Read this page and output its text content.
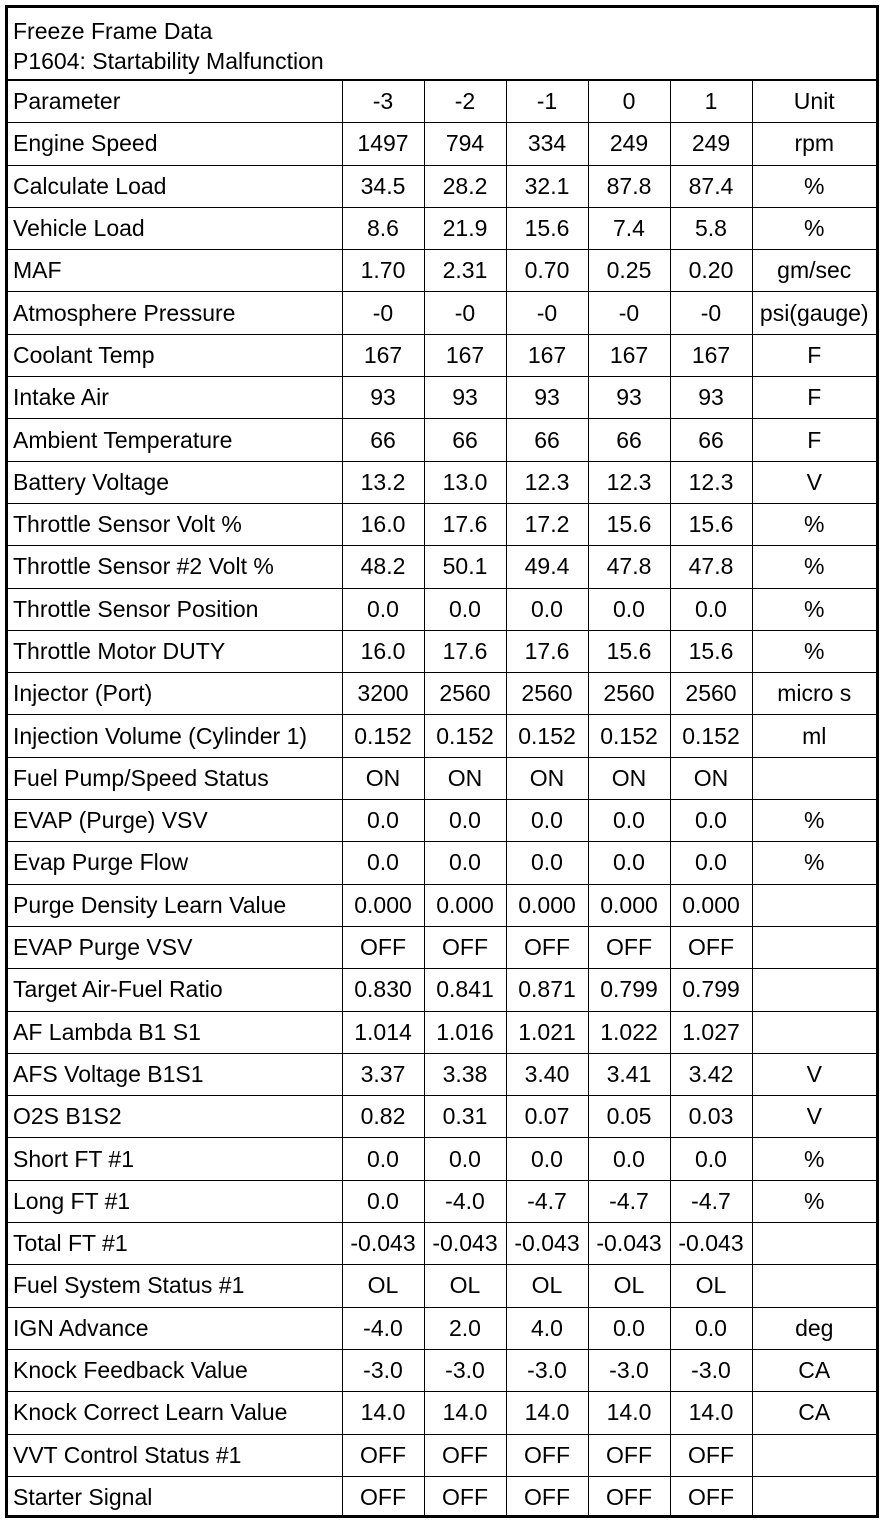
Freeze Frame Data
P1604: Startability Malfunction
Parameter	-3	-2	-1	0	1	Unit
Engine Speed	1497	794	334	249	249	rpm
Calculate Load	34.5	28.2	32.1	87.8	87.4	%
Vehicle Load	8.6	21.9	15.6	7.4	5.8	%
MAF	1.70	2.31	0.70	0.25	0.20	gm/sec
Atmosphere Pressure	-0	-0	-0	-0	-0	psi(gauge)
Coolant Temp	167	167	167	167	167	F
Intake Air	93	93	93	93	93	F
Ambient Temperature	66	66	66	66	66	F
Battery Voltage	13.2	13.0	12.3	12.3	12.3	V
Throttle Sensor Volt %	16.0	17.6	17.2	15.6	15.6	%
Throttle Sensor #2 Volt %	48.2	50.1	49.4	47.8	47.8	%
Throttle Sensor Position	0.0	0.0	0.0	0.0	0.0	%
Throttle Motor DUTY	16.0	17.6	17.6	15.6	15.6	%
Injector (Port)	3200	2560	2560	2560	2560	micro s
Injection Volume (Cylinder 1)	0.152	0.152	0.152	0.152	0.152	ml
Fuel Pump/Speed Status	ON	ON	ON	ON	ON	
EVAP (Purge) VSV	0.0	0.0	0.0	0.0	0.0	%
Evap Purge Flow	0.0	0.0	0.0	0.0	0.0	%
Purge Density Learn Value	0.000	0.000	0.000	0.000	0.000	
EVAP Purge VSV	OFF	OFF	OFF	OFF	OFF	
Target Air-Fuel Ratio	0.830	0.841	0.871	0.799	0.799	
AF Lambda B1 S1	1.014	1.016	1.021	1.022	1.027	
AFS Voltage B1S1	3.37	3.38	3.40	3.41	3.42	V
O2S B1S2	0.82	0.31	0.07	0.05	0.03	V
Short FT #1	0.0	0.0	0.0	0.0	0.0	%
Long FT #1	0.0	-4.0	-4.7	-4.7	-4.7	%
Total FT #1	-0.043	-0.043	-0.043	-0.043	-0.043	
Fuel System Status #1	OL	OL	OL	OL	OL	
IGN Advance	-4.0	2.0	4.0	0.0	0.0	deg
Knock Feedback Value	-3.0	-3.0	-3.0	-3.0	-3.0	CA
Knock Correct Learn Value	14.0	14.0	14.0	14.0	14.0	CA
VVT Control Status #1	OFF	OFF	OFF	OFF	OFF	
Starter Signal	OFF	OFF	OFF	OFF	OFF	
